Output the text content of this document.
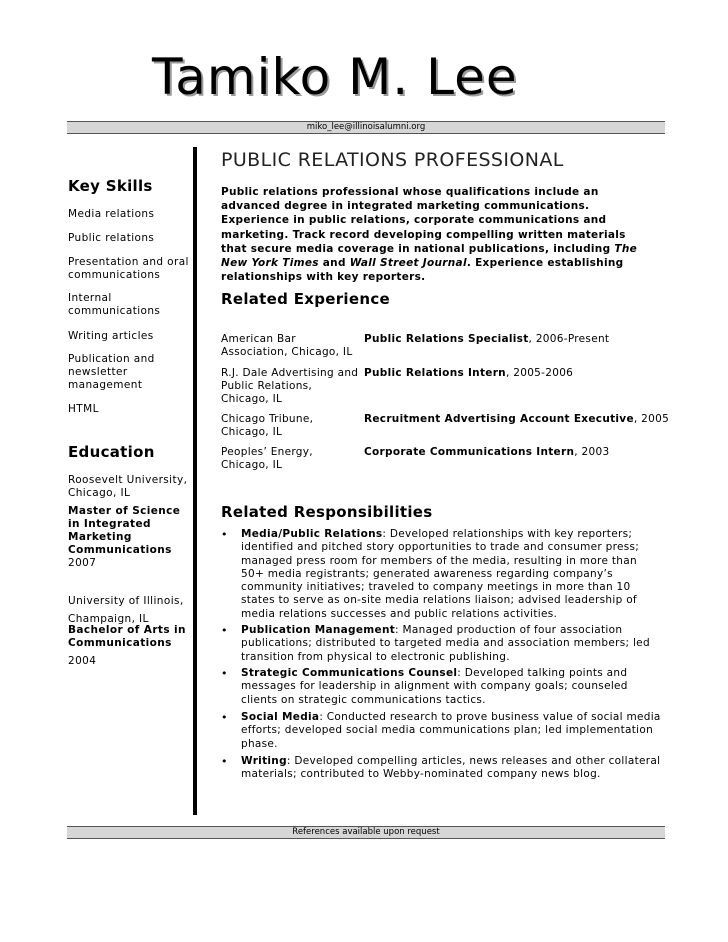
Tamiko M. Lee
miko_lee@illinoisalumni.org
Key Skills
Media relations
Public relations
Presentation and oral communications
Internal communications
Writing articles
Publication and newsletter management
HTML
Education
Roosevelt University, Chicago, IL
Master of Science in Integrated Marketing Communications
2007
University of Illinois, Champaign, IL
Bachelor of Arts in Communications
2004
PUBLIC RELATIONS PROFESSIONAL
Public relations professional whose qualifications include an advanced degree in integrated marketing communications. Experience in public relations, corporate communications and marketing. Track record developing compelling written materials that secure media coverage in national publications, including The New York Times and Wall Street Journal. Experience establishing relationships with key reporters.
Related Experience
American Bar Association, Chicago, IL
Public Relations Specialist, 2006-Present
R.J. Dale Advertising and Public Relations, Chicago, IL
Public Relations Intern, 2005-2006
Chicago Tribune, Chicago, IL
Recruitment Advertising Account Executive, 2005
Peoples’ Energy, Chicago, IL
Corporate Communications Intern, 2003
Related Responsibilities
• Media/Public Relations: Developed relationships with key reporters; identified and pitched story opportunities to trade and consumer press; managed press room for members of the media, resulting in more than 50+ media registrants; generated awareness regarding company’s community initiatives; traveled to company meetings in more than 10 states to serve as on-site media relations liaison; advised leadership of media relations successes and public relations activities.
• Publication Management: Managed production of four association publications; distributed to targeted media and association members; led transition from physical to electronic publishing.
• Strategic Communications Counsel: Developed talking points and messages for leadership in alignment with company goals; counseled clients on strategic communications tactics.
• Social Media: Conducted research to prove business value of social media efforts; developed social media communications plan; led implementation phase.
• Writing: Developed compelling articles, news releases and other collateral materials; contributed to Webby-nominated company news blog.
References available upon request
